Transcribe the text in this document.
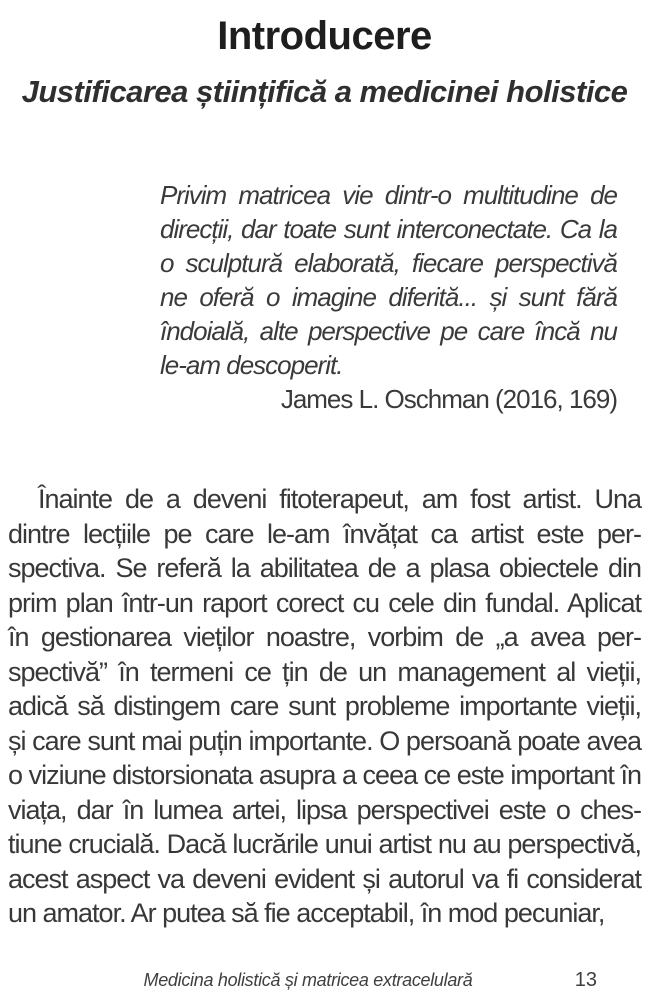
Introducere
Justificarea științifică a medicinei holistice
Privim matricea vie dintr-o multitudine de
direcții, dar toate sunt interconectate. Ca la
o sculptură elaborată, fiecare perspectivă
ne oferă o imagine diferită... și sunt fără
îndoială, alte perspective pe care încă nu
le-am descoperit.
James L. Oschman (2016, 169)
Înainte de a deveni fitoterapeut, am fost artist. Una
dintre lecțiile pe care le-am învățat ca artist este per-
spectiva. Se referă la abilitatea de a plasa obiectele din
prim plan într-un raport corect cu cele din fundal. Aplicat
în gestionarea vieților noastre, vorbim de „a avea per-
spectivă” în termeni ce țin de un management al vieții,
adică să distingem care sunt probleme importante vieții,
și care sunt mai puțin importante. O persoană poate avea
o viziune distorsionata asupra a ceea ce este important în
viața, dar în lumea artei, lipsa perspectivei este o ches-
tiune crucială. Dacă lucrările unui artist nu au perspectivă,
acest aspect va deveni evident și autorul va fi considerat
un amator. Ar putea să fie acceptabil, în mod pecuniar,
Medicina holistică și matricea extracelulară	13
